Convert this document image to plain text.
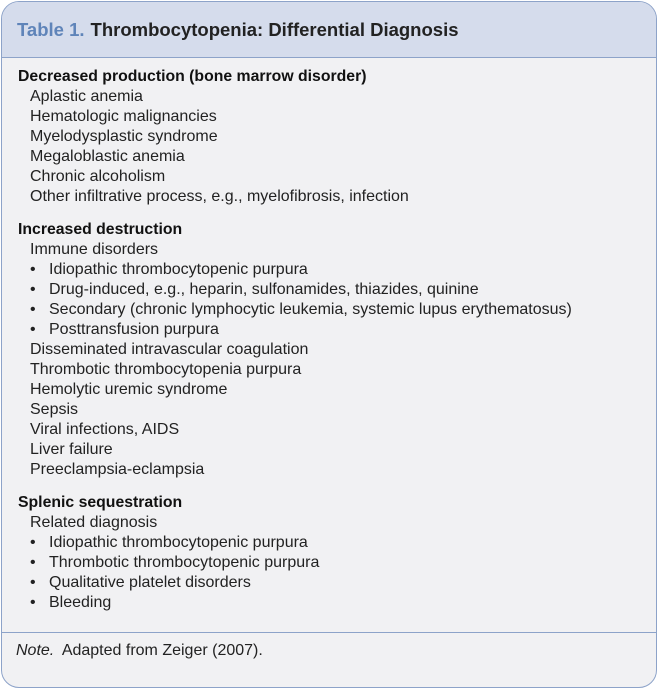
Table 1. Thrombocytopenia: Differential Diagnosis
Decreased production (bone marrow disorder)
Aplastic anemia
Hematologic malignancies
Myelodysplastic syndrome
Megaloblastic anemia
Chronic alcoholism
Other infiltrative process, e.g., myelofibrosis, infection
Increased destruction
Immune disorders
• Idiopathic thrombocytopenic purpura
• Drug-induced, e.g., heparin, sulfonamides, thiazides, quinine
• Secondary (chronic lymphocytic leukemia, systemic lupus erythematosus)
• Posttransfusion purpura
Disseminated intravascular coagulation
Thrombotic thrombocytopenia purpura
Hemolytic uremic syndrome
Sepsis
Viral infections, AIDS
Liver failure
Preeclampsia-eclampsia
Splenic sequestration
Related diagnosis
• Idiopathic thrombocytopenic purpura
• Thrombotic thrombocytopenic purpura
• Qualitative platelet disorders
• Bleeding
Note. Adapted from Zeiger (2007).
